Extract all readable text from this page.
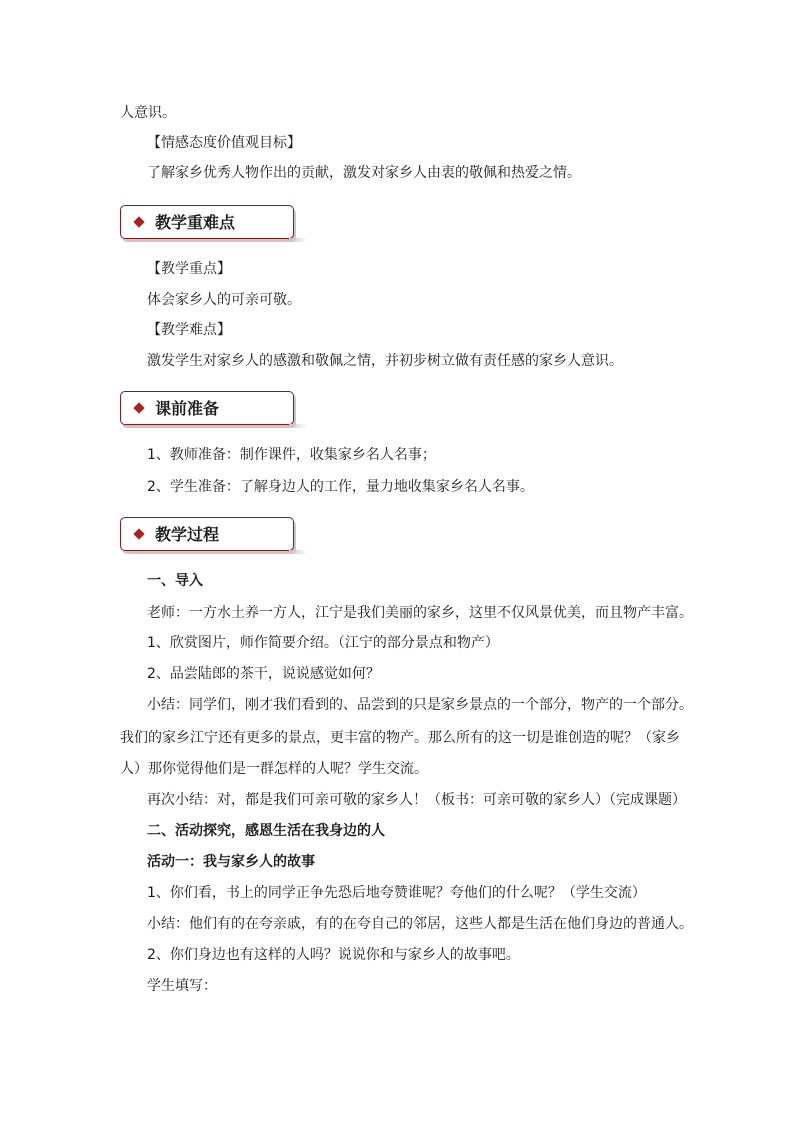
人意识。

【情感态度价值观目标】

了解家乡优秀人物作出的贡献，激发对家乡人由衷的敬佩和热爱之情。

教学重难点

【教学重点】

体会家乡人的可亲可敬。

【教学难点】

激发学生对家乡人的感激和敬佩之情，并初步树立做有责任感的家乡人意识。

课前准备

1、教师准备：制作课件，收集家乡名人名事；

2、学生准备：了解身边人的工作，量力地收集家乡名人名事。

教学过程

一、导入

老师：一方水土养一方人，江宁是我们美丽的家乡，这里不仅风景优美，而且物产丰富。

1、欣赏图片，师作简要介绍。（江宁的部分景点和物产）

2、品尝陆郎的茶干，说说感觉如何？

小结：同学们，刚才我们看到的、品尝到的只是家乡景点的一个部分，物产的一个部分。

我们的家乡江宁还有更多的景点，更丰富的物产。那么所有的这一切是谁创造的呢？（家乡

人）那你觉得他们是一群怎样的人呢？学生交流。

再次小结：对，都是我们可亲可敬的家乡人！（板书：可亲可敬的家乡人）（完成课题）

二、活动探究，感恩生活在我身边的人

活动一：我与家乡人的故事

1、你们看，书上的同学正争先恐后地夸赞谁呢？夸他们的什么呢？（学生交流）

小结：他们有的在夸亲戚，有的在夸自己的邻居，这些人都是生活在他们身边的普通人。

2、你们身边也有这样的人吗？说说你和与家乡人的故事吧。

学生填写：
